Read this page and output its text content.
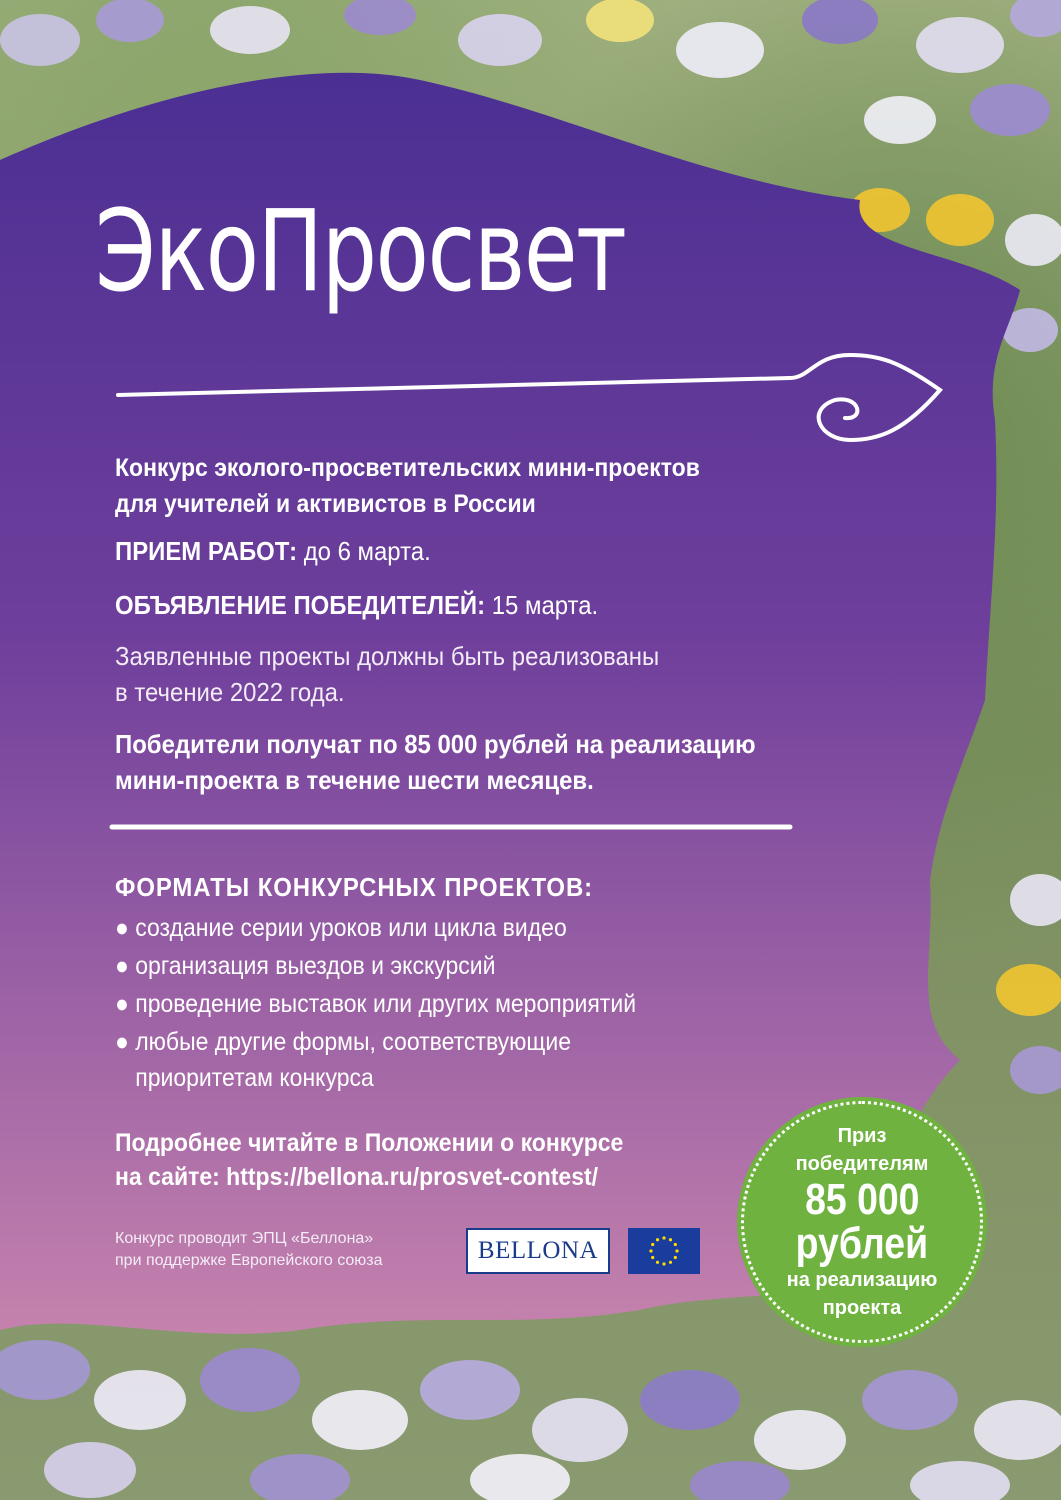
ЭкоПросвет
Конкурс эколого-просветительских мини-проектов
для учителей и активистов в России
ПРИЕМ РАБОТ: до 6 марта.
ОБЪЯВЛЕНИЕ ПОБЕДИТЕЛЕЙ: 15 марта.
Заявленные проекты должны быть реализованы
в течение 2022 года.
Победители получат по 85 000 рублей на реализацию
мини-проекта в течение шести месяцев.
ФОРМАТЫ КОНКУРСНЫХ ПРОЕКТОВ:
● создание серии уроков или цикла видео
● организация выездов и экскурсий
● проведение выставок или других мероприятий
● любые другие формы, соответствующие
приоритетам конкурса
Подробнее читайте в Положении о конкурсе
на сайте: https://bellona.ru/prosvet-contest/
Конкурс проводит ЭПЦ «Беллона»
при поддержке Европейского союза	BELLONA
Приз
победителям
85 000
рублей
на реализацию
проекта
